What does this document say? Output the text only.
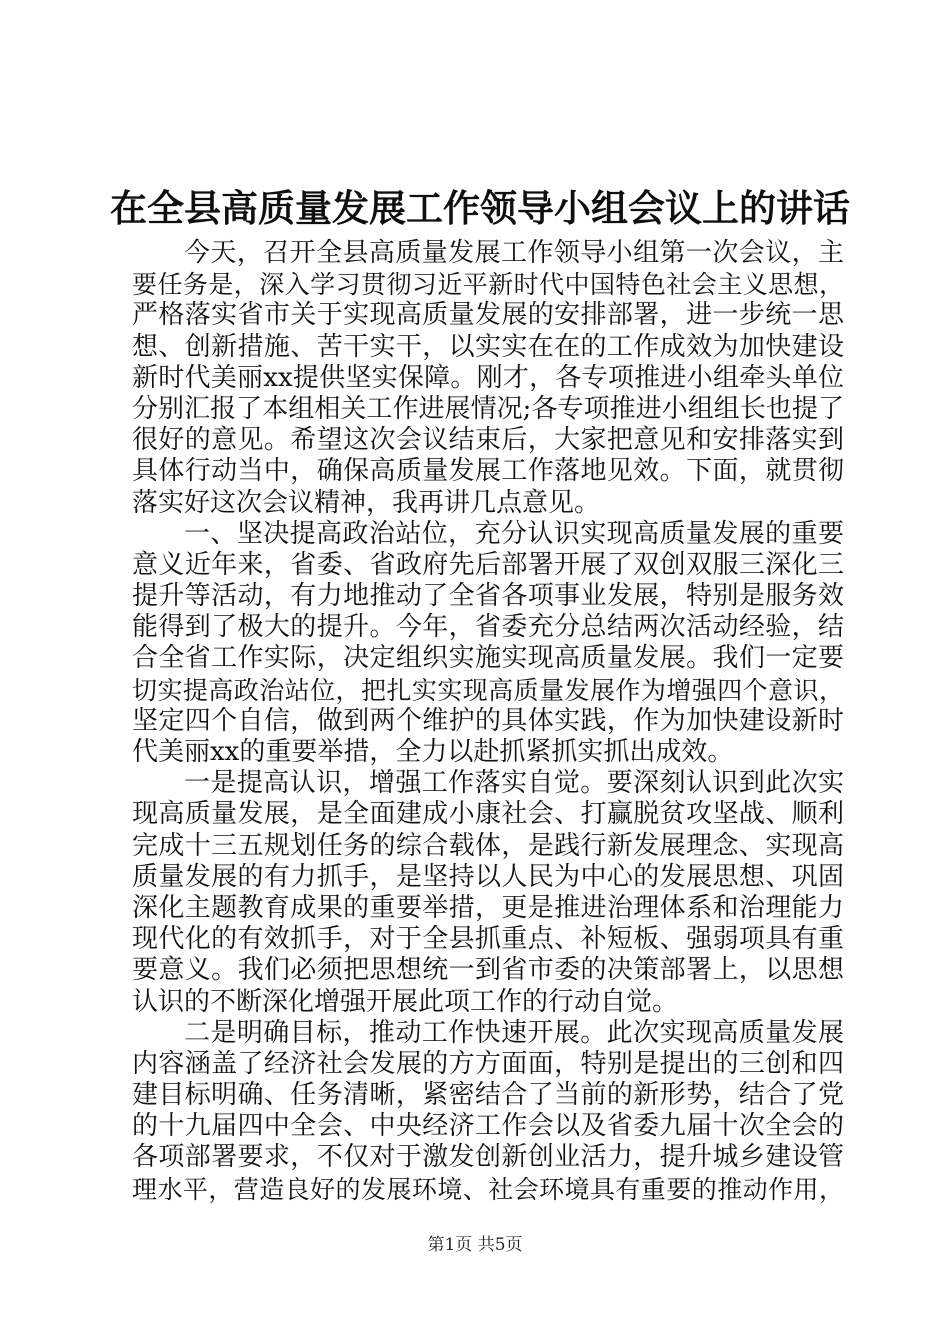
在全县高质量发展工作领导小组会议上的讲话
今天，召开全县高质量发展工作领导小组第一次会议，主
要任务是，深入学习贯彻习近平新时代中国特色社会主义思想，
严格落实省市关于实现高质量发展的安排部署，进一步统一思
想、创新措施、苦干实干，以实实在在的工作成效为加快建设
新时代美丽xx提供坚实保障。刚才，各专项推进小组牵头单位
分别汇报了本组相关工作进展情况;各专项推进小组组长也提了
很好的意见。希望这次会议结束后，大家把意见和安排落实到
具体行动当中，确保高质量发展工作落地见效。下面，就贯彻
落实好这次会议精神，我再讲几点意见。
一、坚决提高政治站位，充分认识实现高质量发展的重要
意义近年来，省委、省政府先后部署开展了双创双服三深化三
提升等活动，有力地推动了全省各项事业发展，特别是服务效
能得到了极大的提升。今年，省委充分总结两次活动经验，结
合全省工作实际，决定组织实施实现高质量发展。我们一定要
切实提高政治站位，把扎实实现高质量发展作为增强四个意识，
坚定四个自信，做到两个维护的具体实践，作为加快建设新时
代美丽xx的重要举措，全力以赴抓紧抓实抓出成效。
一是提高认识，增强工作落实自觉。要深刻认识到此次实
现高质量发展，是全面建成小康社会、打赢脱贫攻坚战、顺利
完成十三五规划任务的综合载体，是践行新发展理念、实现高
质量发展的有力抓手，是坚持以人民为中心的发展思想、巩固
深化主题教育成果的重要举措，更是推进治理体系和治理能力
现代化的有效抓手，对于全县抓重点、补短板、强弱项具有重
要意义。我们必须把思想统一到省市委的决策部署上，以思想
认识的不断深化增强开展此项工作的行动自觉。
二是明确目标，推动工作快速开展。此次实现高质量发展
内容涵盖了经济社会发展的方方面面，特别是提出的三创和四
建目标明确、任务清晰，紧密结合了当前的新形势，结合了党
的十九届四中全会、中央经济工作会以及省委九届十次全会的
各项部署要求，不仅对于激发创新创业活力，提升城乡建设管
理水平，营造良好的发展环境、社会环境具有重要的推动作用，
第1页 共5页
